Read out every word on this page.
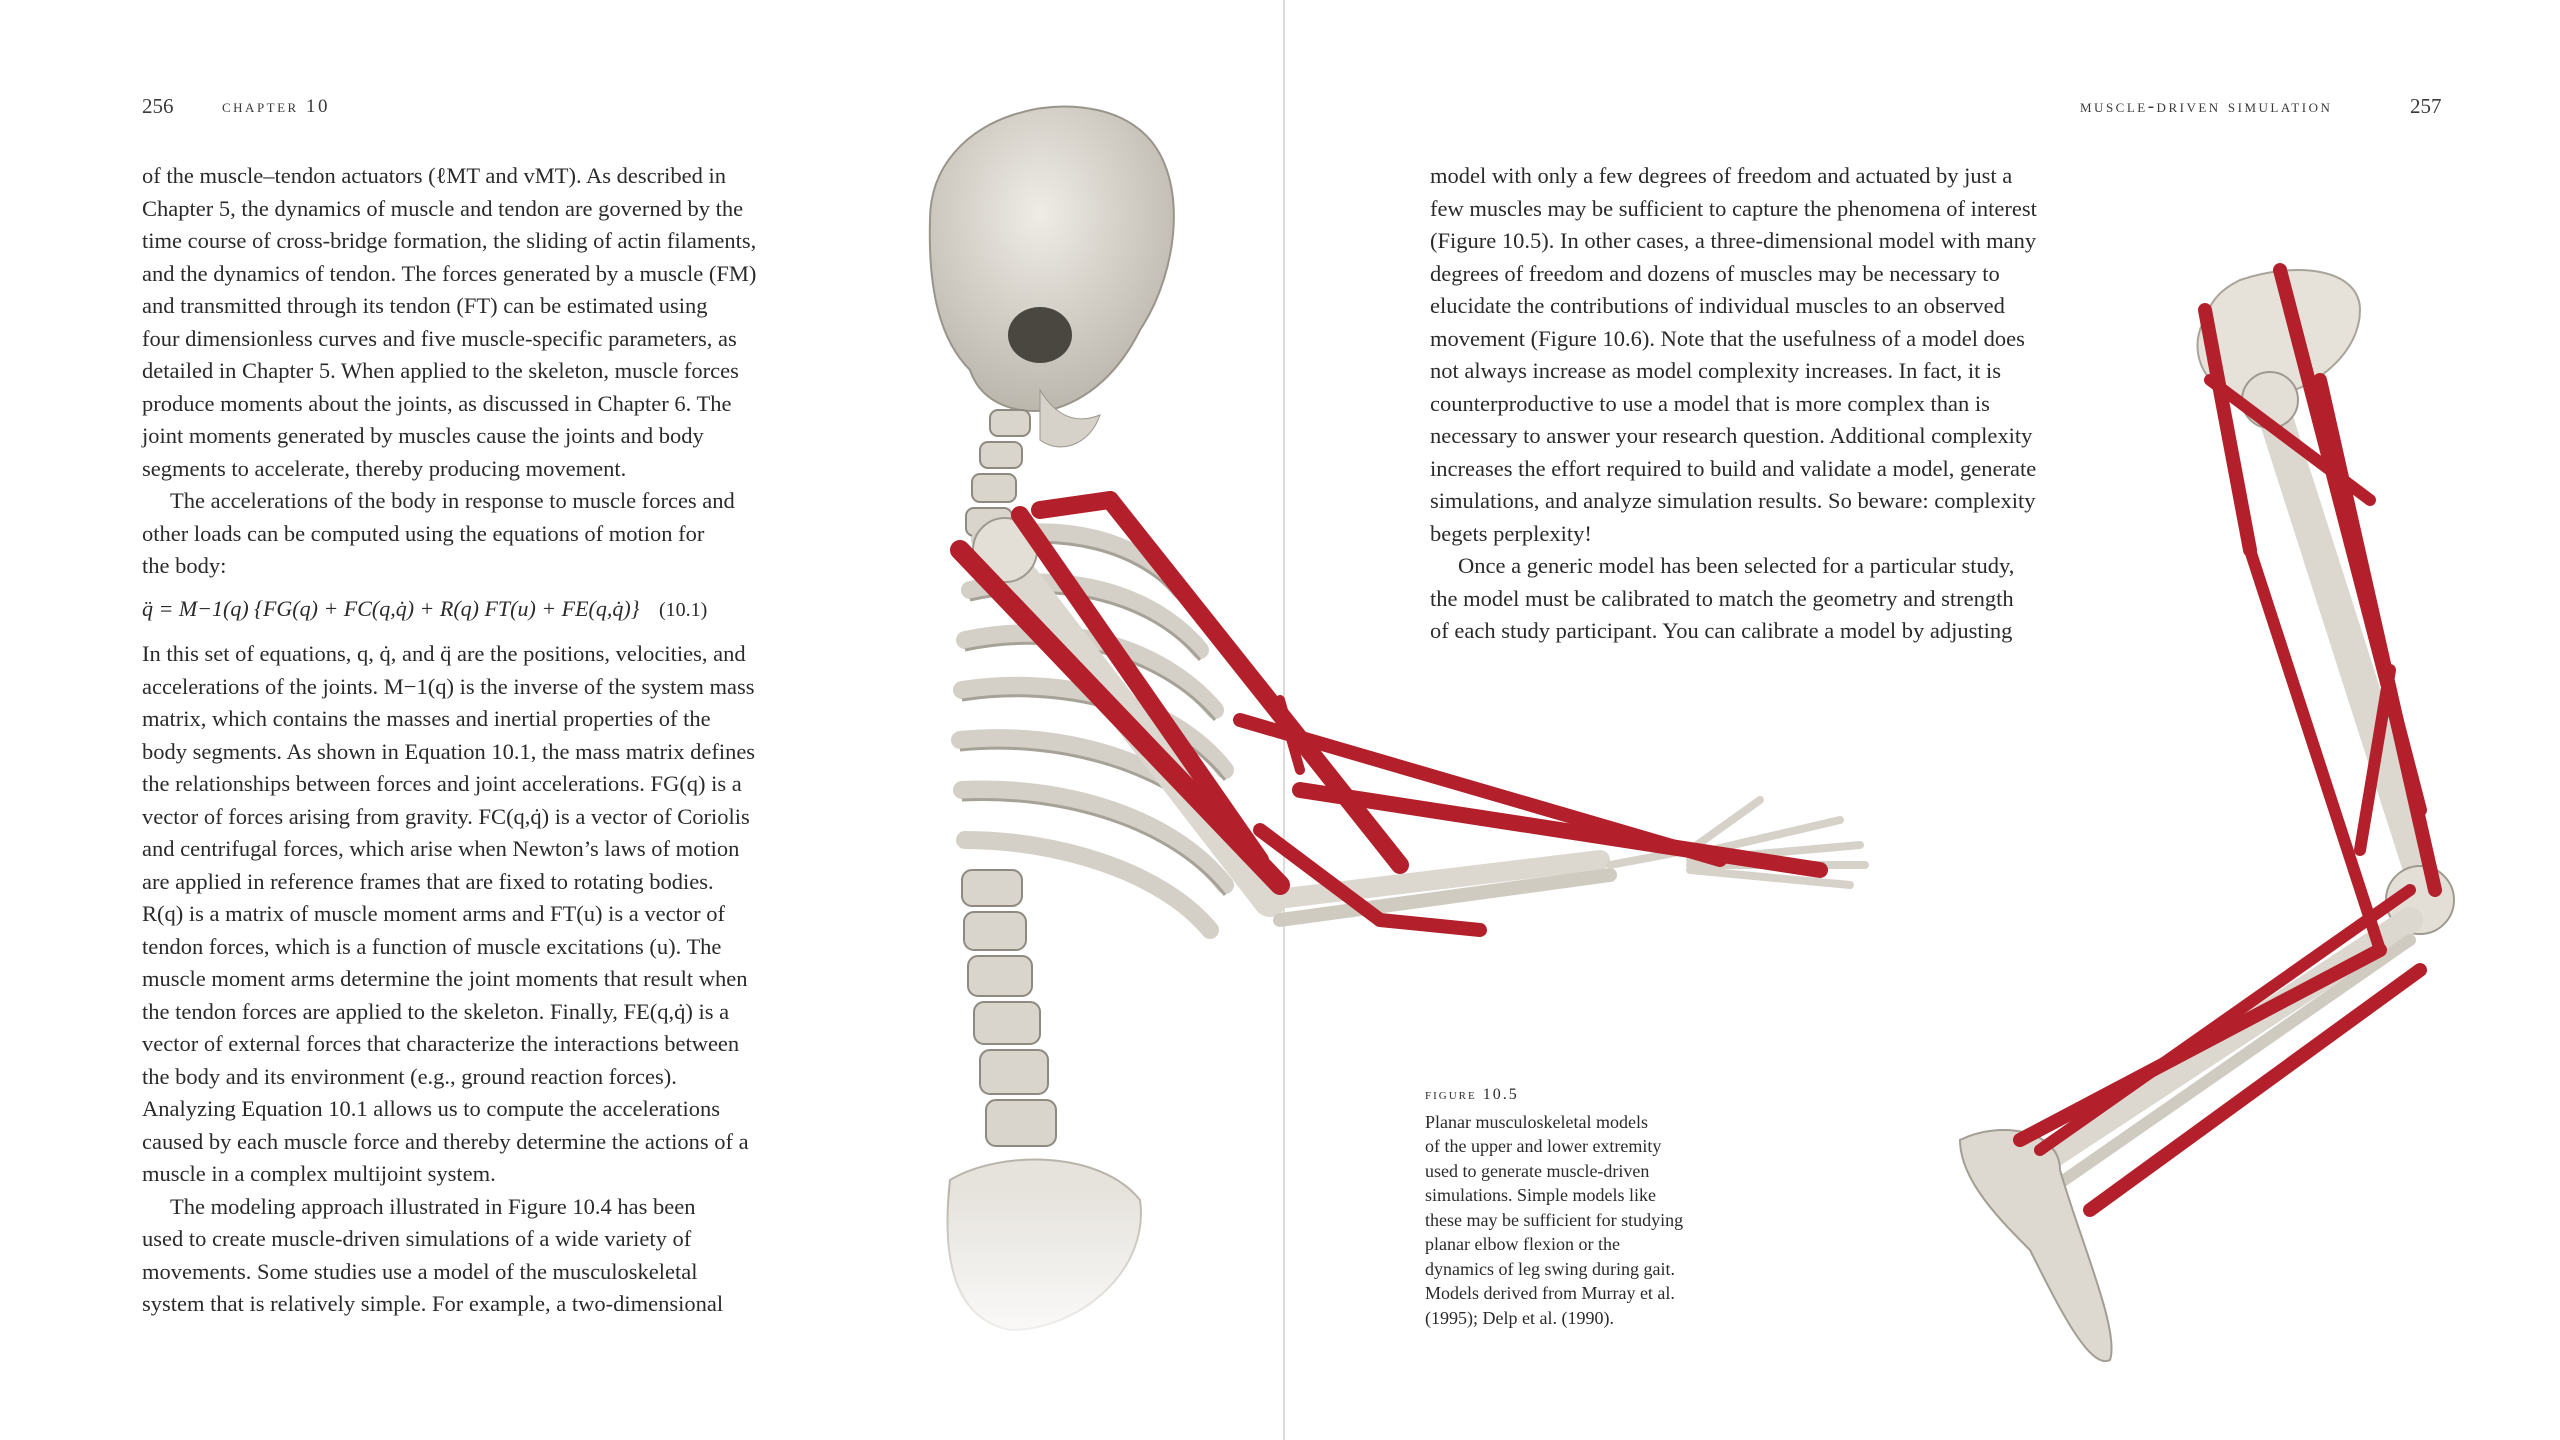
256	chapter 10	muscle-driven simulation	257

of the muscle–tendon actuators (ℓMT and vMT). As described in
Chapter 5, the dynamics of muscle and tendon are governed by the
time course of cross-bridge formation, the sliding of actin filaments,
and the dynamics of tendon. The forces generated by a muscle (FM)
and transmitted through its tendon (FT) can be estimated using
four dimensionless curves and five muscle-specific parameters, as
detailed in Chapter 5. When applied to the skeleton, muscle forces
produce moments about the joints, as discussed in Chapter 6. The
joint moments generated by muscles cause the joints and body
segments to accelerate, thereby producing movement.

The accelerations of the body in response to muscle forces and
other loads can be computed using the equations of motion for
the body:

q̈ = M−1(q) {FG(q) + FC(q,q̇) + R(q) FT(u) + FE(q,q̇)} (10.1)

In this set of equations, q, q̇, and q̈ are the positions, velocities, and
accelerations of the joints. M−1(q) is the inverse of the system mass
matrix, which contains the masses and inertial properties of the
body segments. As shown in Equation 10.1, the mass matrix defines
the relationships between forces and joint accelerations. FG(q) is a
vector of forces arising from gravity. FC(q,q̇) is a vector of Coriolis
and centrifugal forces, which arise when Newton’s laws of motion
are applied in reference frames that are fixed to rotating bodies.
R(q) is a matrix of muscle moment arms and FT(u) is a vector of
tendon forces, which is a function of muscle excitations (u). The
muscle moment arms determine the joint moments that result when
the tendon forces are applied to the skeleton. Finally, FE(q,q̇) is a
vector of external forces that characterize the interactions between
the body and its environment (e.g., ground reaction forces).
Analyzing Equation 10.1 allows us to compute the accelerations
caused by each muscle force and thereby determine the actions of a
muscle in a complex multijoint system.

The modeling approach illustrated in Figure 10.4 has been
used to create muscle-driven simulations of a wide variety of
movements. Some studies use a model of the musculoskeletal
system that is relatively simple. For example, a two-dimensional

model with only a few degrees of freedom and actuated by just a
few muscles may be sufficient to capture the phenomena of interest
(Figure 10.5). In other cases, a three-dimensional model with many
degrees of freedom and dozens of muscles may be necessary to
elucidate the contributions of individual muscles to an observed
movement (Figure 10.6). Note that the usefulness of a model does
not always increase as model complexity increases. In fact, it is
counterproductive to use a model that is more complex than is
necessary to answer your research question. Additional complexity
increases the effort required to build and validate a model, generate
simulations, and analyze simulation results. So beware: complexity
begets perplexity!

Once a generic model has been selected for a particular study,
the model must be calibrated to match the geometry and strength
of each study participant. You can calibrate a model by adjusting

figure 10.5
Planar musculoskeletal models
of the upper and lower extremity
used to generate muscle-driven
simulations. Simple models like
these may be sufficient for studying
planar elbow flexion or the
dynamics of leg swing during gait.
Models derived from Murray et al.
(1995); Delp et al. (1990).
